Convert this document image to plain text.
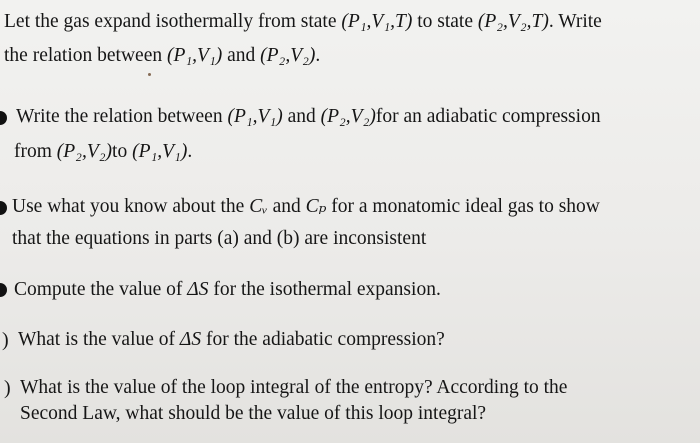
Let the gas expand isothermally from state (P₁,V₁,T) to state (P₂,V₂,T). Write
the relation between (P₁,V₁) and (P₂,V₂).
Write the relation between (P₁,V₁) and (P₂,V₂)for an adiabatic compression
from (P₂,V₂)to (P₁,V₁).
Use what you know about the Cᵥ and Cₚ for a monatomic ideal gas to show
that the equations in parts (a) and (b) are inconsistent
Compute the value of ΔS for the isothermal expansion.
) What is the value of ΔS for the adiabatic compression?
) What is the value of the loop integral of the entropy? According to the
Second Law, what should be the value of this loop integral?
